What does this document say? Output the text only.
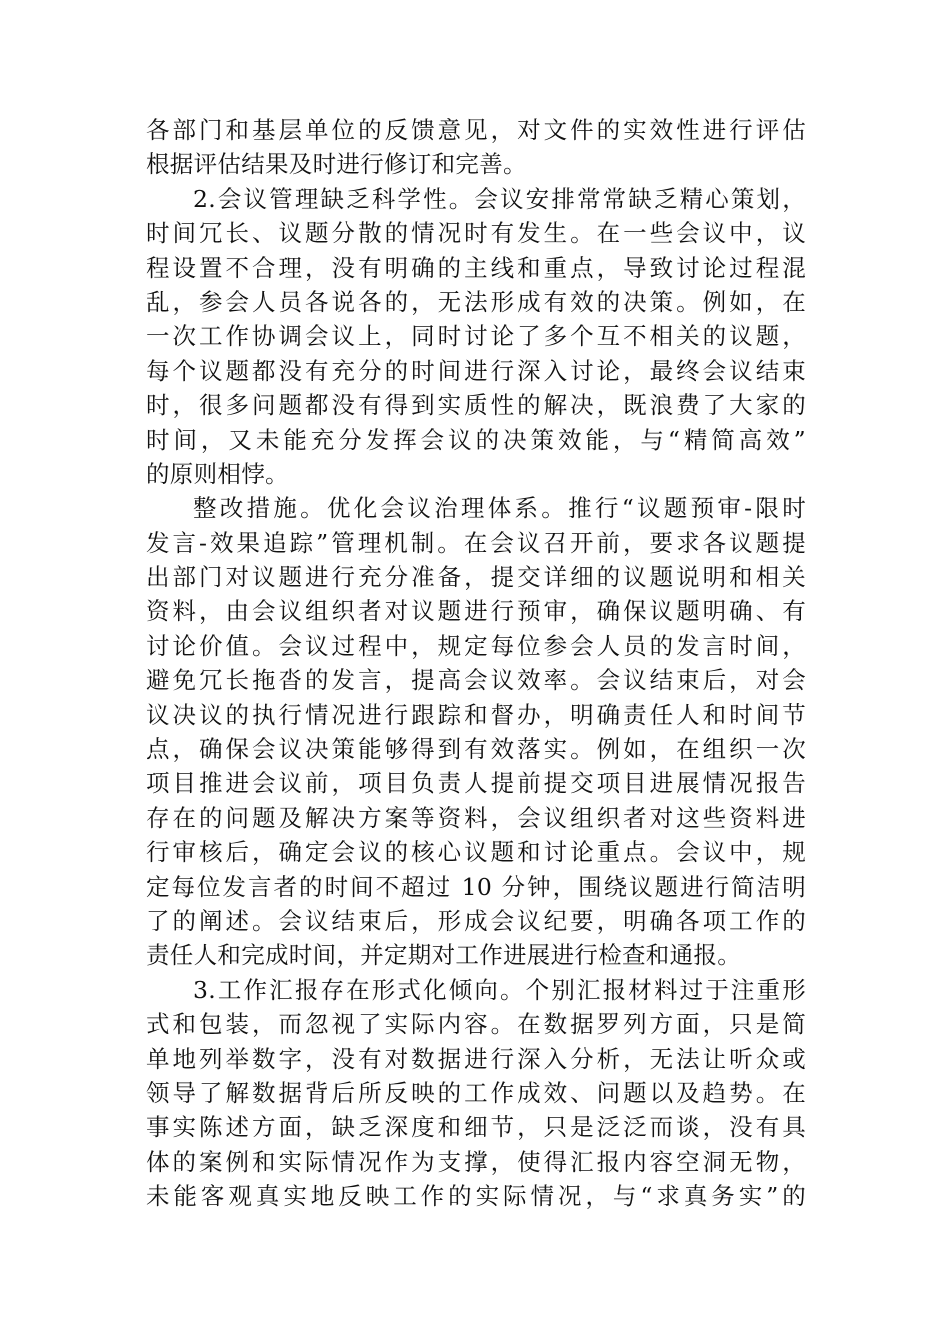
各部门和基层单位的反馈意见，对文件的实效性进行评估
根据评估结果及时进行修订和完善。
2.会议管理缺乏科学性。会议安排常常缺乏精心策划，
时间冗长、议题分散的情况时有发生。在一些会议中，议
程设置不合理，没有明确的主线和重点，导致讨论过程混
乱，参会人员各说各的，无法形成有效的决策。例如，在
一次工作协调会议上，同时讨论了多个互不相关的议题，
每个议题都没有充分的时间进行深入讨论，最终会议结束
时，很多问题都没有得到实质性的解决，既浪费了大家的
时间，又未能充分发挥会议的决策效能，与“精简高效”
的原则相悖。
整改措施。优化会议治理体系。推行“议题预审-限时
发言-效果追踪”管理机制。在会议召开前，要求各议题提
出部门对议题进行充分准备，提交详细的议题说明和相关
资料，由会议组织者对议题进行预审，确保议题明确、有
讨论价值。会议过程中，规定每位参会人员的发言时间，
避免冗长拖沓的发言，提高会议效率。会议结束后，对会
议决议的执行情况进行跟踪和督办，明确责任人和时间节
点，确保会议决策能够得到有效落实。例如，在组织一次
项目推进会议前，项目负责人提前提交项目进展情况报告
存在的问题及解决方案等资料，会议组织者对这些资料进
行审核后，确定会议的核心议题和讨论重点。会议中，规
定每位发言者的时间不超过 10 分钟，围绕议题进行简洁明
了的阐述。会议结束后，形成会议纪要，明确各项工作的
责任人和完成时间，并定期对工作进展进行检查和通报。
3.工作汇报存在形式化倾向。个别汇报材料过于注重形
式和包装，而忽视了实际内容。在数据罗列方面，只是简
单地列举数字，没有对数据进行深入分析，无法让听众或
领导了解数据背后所反映的工作成效、问题以及趋势。在
事实陈述方面，缺乏深度和细节，只是泛泛而谈，没有具
体的案例和实际情况作为支撑，使得汇报内容空洞无物，
未能客观真实地反映工作的实际情况，与“求真务实”的
